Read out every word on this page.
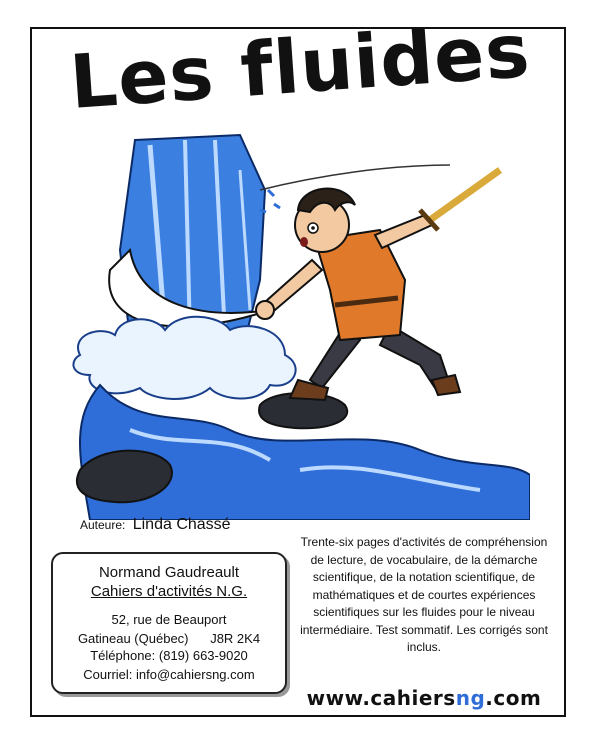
Les fluides
Auteure: Linda Chassé
Normand Gaudreault
Cahiers d'activités N.G.
52, rue de Beauport
Gatineau (Québec) J8R 2K4
Téléphone: (819) 663-9020
Courriel: info@cahiersng.com
Trente-six pages d'activités de compréhension de lecture, de vocabulaire, de la démarche scientifique, de la notation scientifique, de mathématiques et de courtes expériences scientifiques sur les fluides pour le niveau intermédiaire. Test sommatif. Les corrigés sont inclus.
www.cahiersng.com
